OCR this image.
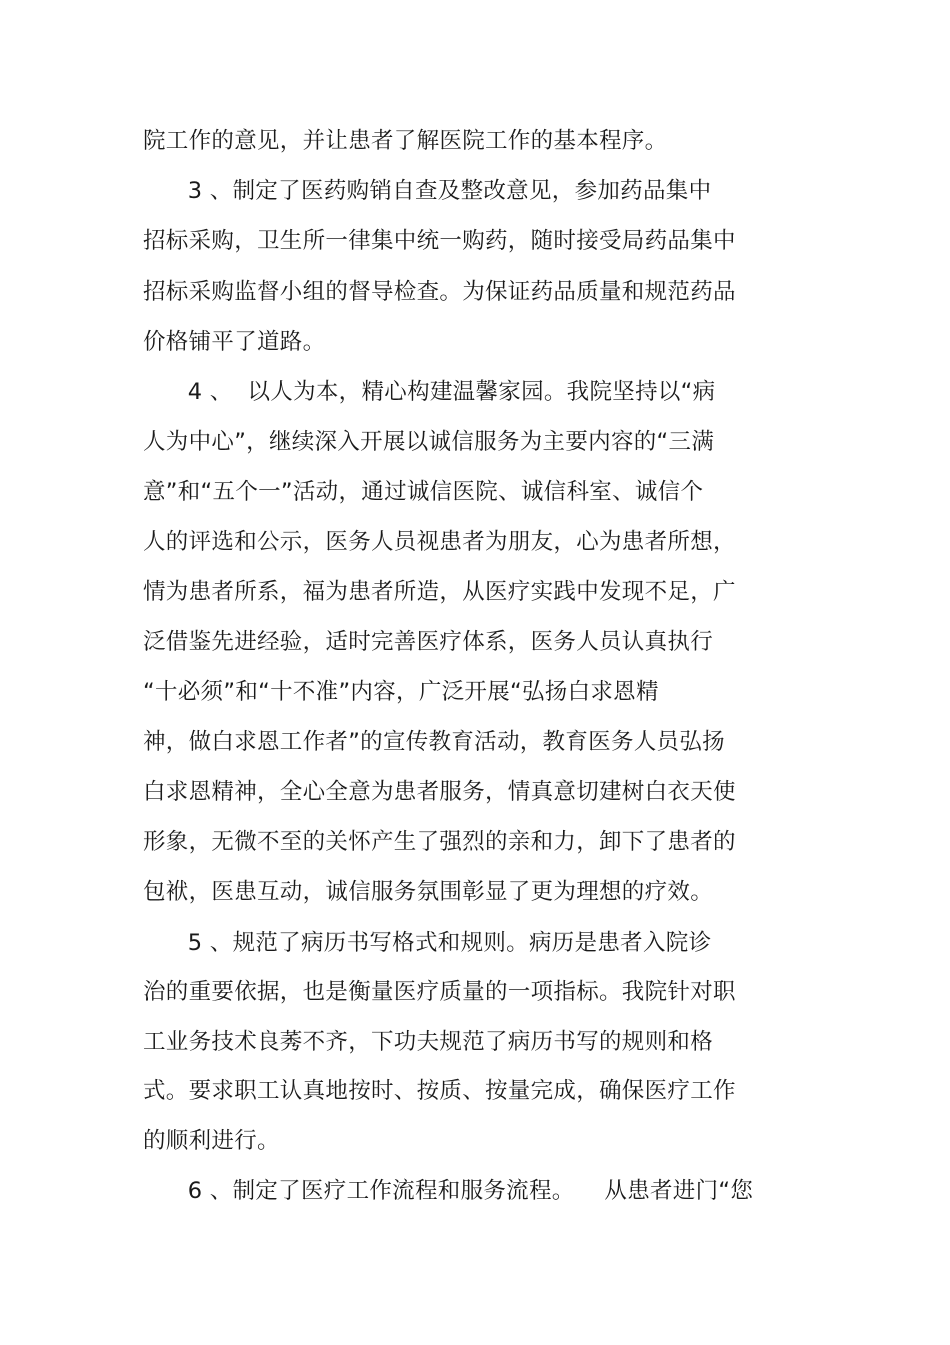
院工作的意见，并让患者了解医院工作的基本程序。
3 、制定了医药购销自查及整改意见，参加药品集中
招标采购，卫生所一律集中统一购药，随时接受局药品集中
招标采购监督小组的督导检查。为保证药品质量和规范药品
价格铺平了道路。
4 、  以人为本，精心构建温馨家园。我院坚持以“病
人为中心”，继续深入开展以诚信服务为主要内容的“三满
意”和“五个一”活动，通过诚信医院、诚信科室、诚信个
人的评选和公示，医务人员视患者为朋友，心为患者所想，
情为患者所系，福为患者所造，从医疗实践中发现不足，广
泛借鉴先进经验，适时完善医疗体系，医务人员认真执行
“十必须”和“十不准”内容，广泛开展“弘扬白求恩精
神，做白求恩工作者”的宣传教育活动，教育医务人员弘扬
白求恩精神，全心全意为患者服务，情真意切建树白衣天使
形象，无微不至的关怀产生了强烈的亲和力，卸下了患者的
包袱，医患互动，诚信服务氛围彰显了更为理想的疗效。
5 、规范了病历书写格式和规则。病历是患者入院诊
治的重要依据，也是衡量医疗质量的一项指标。我院针对职
工业务技术良莠不齐，下功夫规范了病历书写的规则和格
式。要求职工认真地按时、按质、按量完成，确保医疗工作
的顺利进行。
6 、制定了医疗工作流程和服务流程。    从患者进门“您
